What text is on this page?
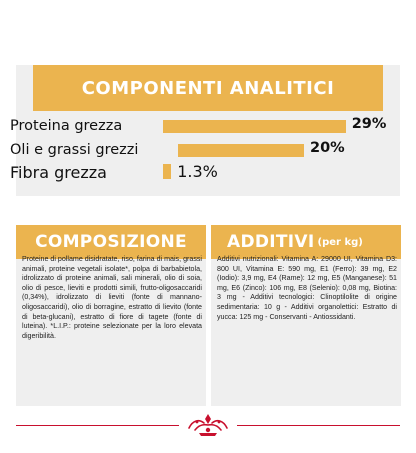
COMPONENTI ANALITICI
Proteina grezza	29%
Oli e grassi grezzi	20%
Fibra grezza	1.3%
COMPOSIZIONE
Proteine di pollame disidratate, riso, farina di mais, grassi animali, proteine vegetali isolate*, polpa di barbabietola, idrolizzato di proteine animali, sali minerali, olio di soia, olio di pesce, lieviti e prodotti simili, frutto-oligosaccaridi (0,34%), idrolizzato di lieviti (fonte di mannano-oligosaccaridi), olio di borragine, estratto di lievito (fonte di beta-glucani), estratto di fiore di tagete (fonte di luteina). *L.I.P.: proteine selezionate per la loro elevata digeribilità.
ADDITIVI (per kg)
Additivi nutrizionali: Vitamina A: 29000 UI, Vitamina D3: 800 UI, Vitamina E: 590 mg, E1 (Ferro): 39 mg, E2 (Iodio): 3,9 mg, E4 (Rame): 12 mg, E5 (Manganese): 51 mg, E6 (Zinco): 106 mg, E8 (Selenio): 0,08 mg, Biotina: 3 mg - Additivi tecnologici: Clinoptilolite di origine sedimentaria: 10 g - Additivi organolettici: Estratto di yucca: 125 mg - Conservanti - Antiossidanti.
